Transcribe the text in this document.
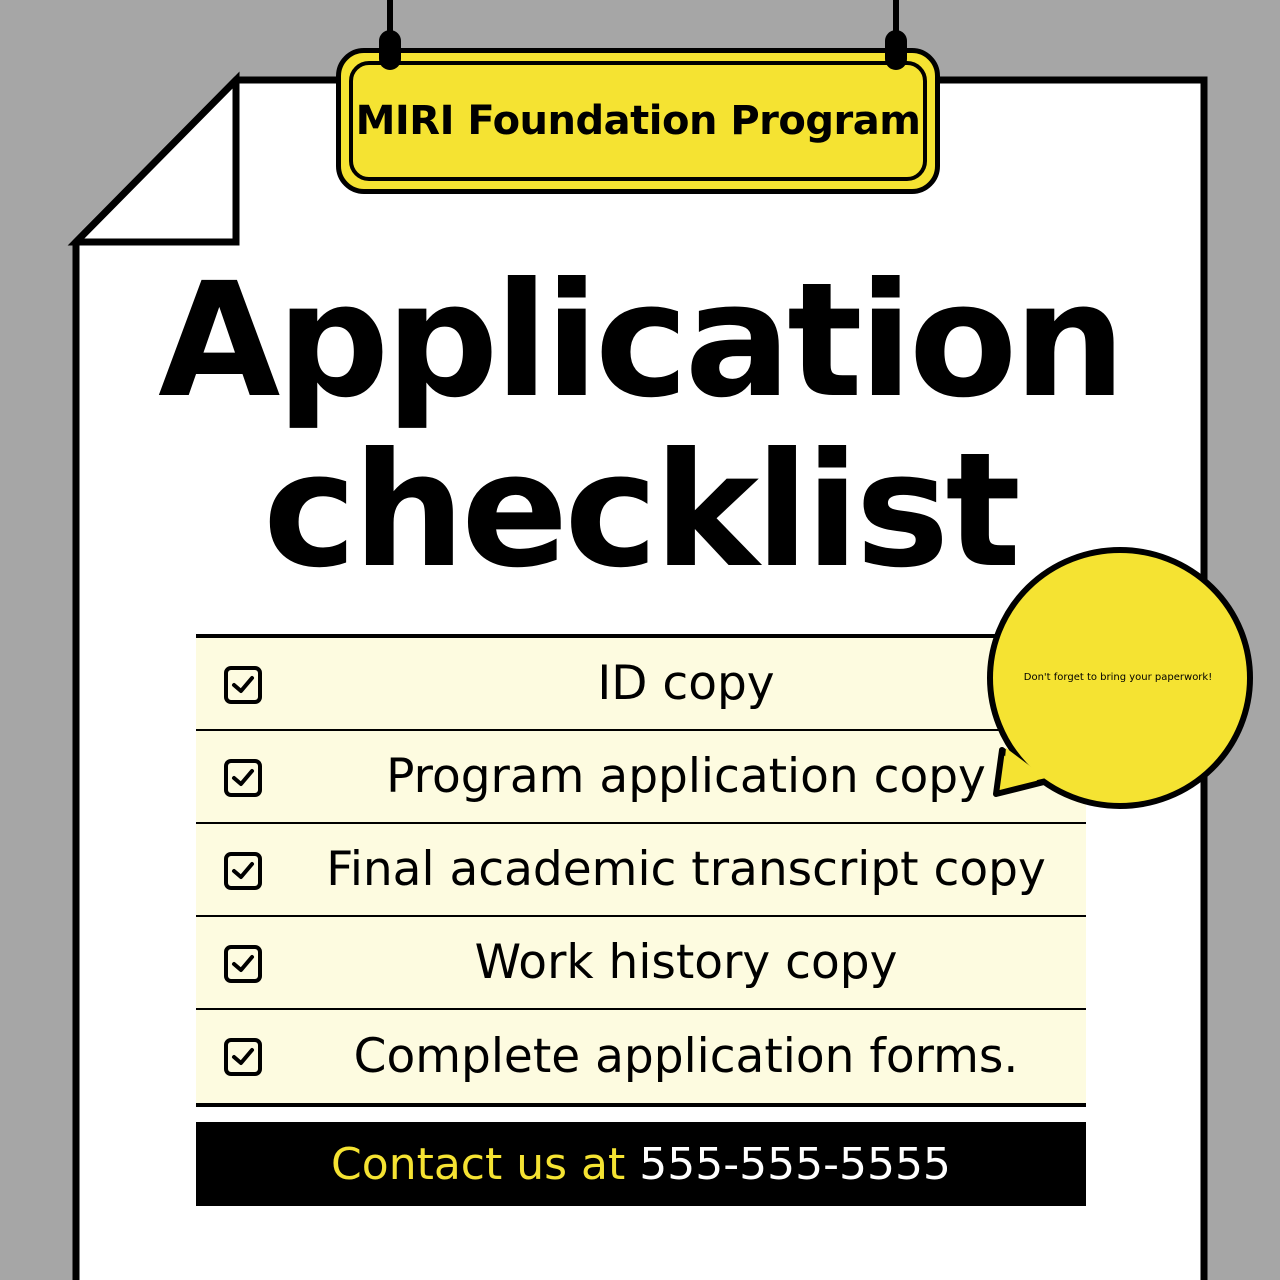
MIRI Foundation Program
Application
checklist
ID copy
Program application copy
Final academic transcript copy
Work history copy
Complete application forms.
Contact us at 555-555-5555
Don't forget to bring your paperwork!
